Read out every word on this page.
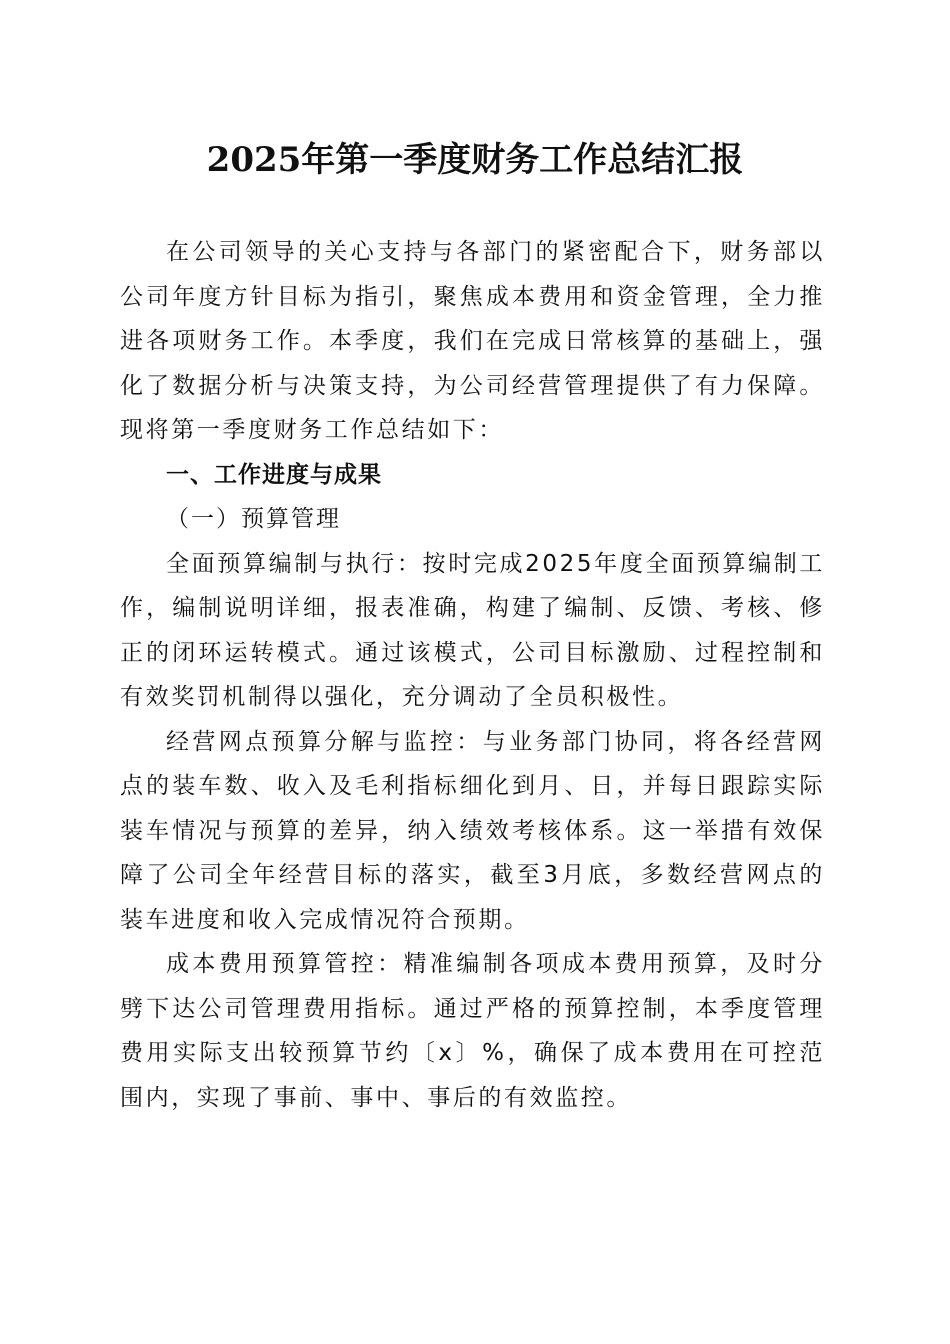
2025年第一季度财务工作总结汇报

在公司领导的关心支持与各部门的紧密配合下，财务部以公司年度方针目标为指引，聚焦成本费用和资金管理，全力推进各项财务工作。本季度，我们在完成日常核算的基础上，强化了数据分析与决策支持，为公司经营管理提供了有力保障。现将第一季度财务工作总结如下：

一、工作进度与成果

（一）预算管理

全面预算编制与执行：按时完成2025年度全面预算编制工作，编制说明详细，报表准确，构建了编制、反馈、考核、修正的闭环运转模式。通过该模式，公司目标激励、过程控制和有效奖罚机制得以强化，充分调动了全员积极性。

经营网点预算分解与监控：与业务部门协同，将各经营网点的装车数、收入及毛利指标细化到月、日，并每日跟踪实际装车情况与预算的差异，纳入绩效考核体系。这一举措有效保障了公司全年经营目标的落实，截至3月底，多数经营网点的装车进度和收入完成情况符合预期。

成本费用预算管控：精准编制各项成本费用预算，及时分劈下达公司管理费用指标。通过严格的预算控制，本季度管理费用实际支出较预算节约〔x〕%，确保了成本费用在可控范围内，实现了事前、事中、事后的有效监控。
